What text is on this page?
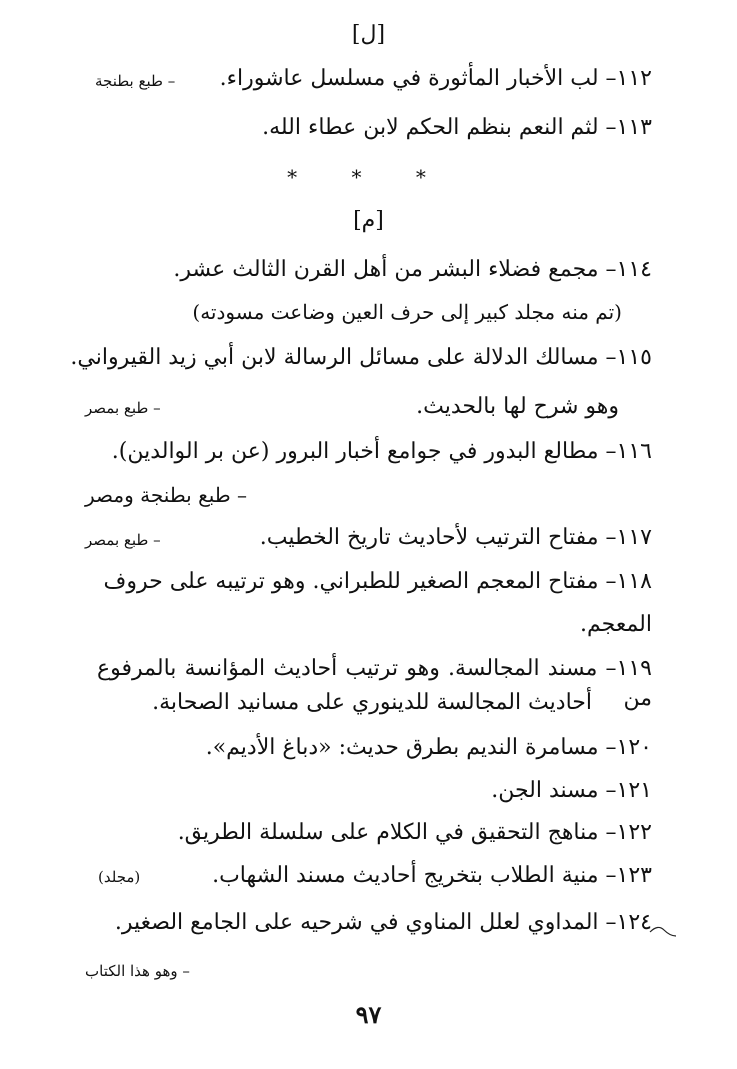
[ل]
١١٢– لب الأخبار المأثورة في مسلسل عاشوراء.
– طبع بطنجة
١١٣– لثم النعم بنظم الحكم لابن عطاء الله.
* * *
[م]
١١٤– مجمع فضلاء البشر من أهل القرن الثالث عشر.
(تم منه مجلد كبير إلى حرف العين وضاعت مسودته)
١١٥– مسالك الدلالة على مسائل الرسالة لابن أبي زيد القيرواني.
وهو شرح لها بالحديث.
– طبع بمصر
١١٦– مطالع البدور في جوامع أخبار البرور (عن بر الوالدين).
– طبع بطنجة ومصر
١١٧– مفتاح الترتيب لأحاديث تاريخ الخطيب.
– طبع بمصر
١١٨– مفتاح المعجم الصغير للطبراني. وهو ترتيبه على حروف
المعجم.
١١٩– مسند المجالسة. وهو ترتيب أحاديث المؤانسة بالمرفوع من
أحاديث المجالسة للدينوري على مسانيد الصحابة.
١٢٠– مسامرة النديم بطرق حديث: «دباغ الأديم».
١٢١– مسند الجن.
١٢٢– مناهج التحقيق في الكلام على سلسلة الطريق.
١٢٣– منية الطلاب بتخريج أحاديث مسند الشهاب.
(مجلد)
١٢٤– المداوي لعلل المناوي في شرحيه على الجامع الصغير.
– وهو هذا الكتاب
٩٧
